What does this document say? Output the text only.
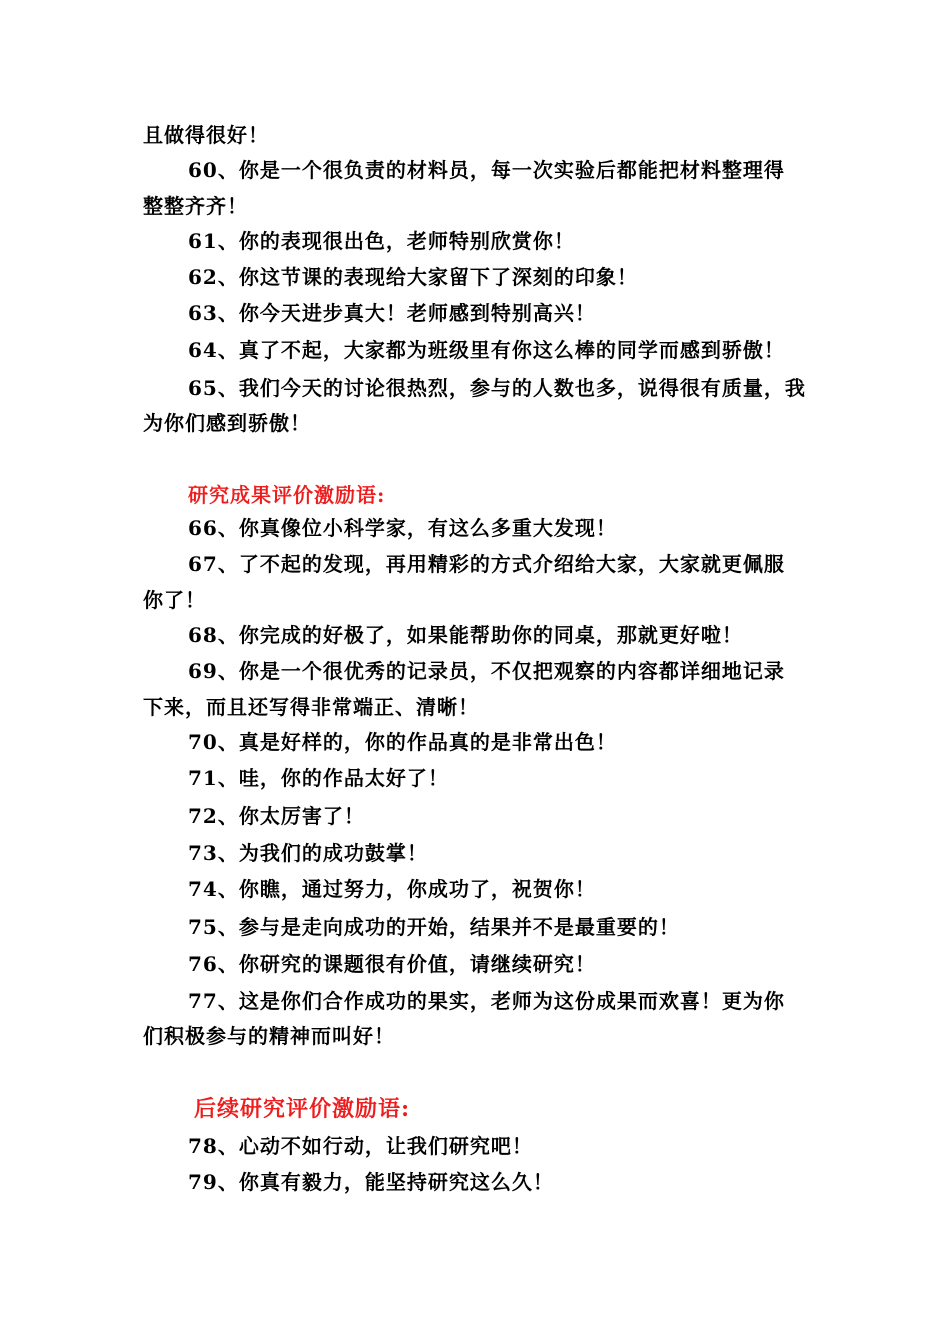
且做得很好！
60、你是一个很负责的材料员，每一次实验后都能把材料整理得
整整齐齐！
61、你的表现很出色，老师特别欣赏你！
62、你这节课的表现给大家留下了深刻的印象！
63、你今天进步真大！老师感到特别高兴！
64、真了不起，大家都为班级里有你这么棒的同学而感到骄傲！
65、我们今天的讨论很热烈，参与的人数也多，说得很有质量，我
为你们感到骄傲！
研究成果评价激励语:
66、你真像位小科学家，有这么多重大发现！
67、了不起的发现，再用精彩的方式介绍给大家，大家就更佩服
你了！
68、你完成的好极了，如果能帮助你的同桌，那就更好啦！
69、你是一个很优秀的记录员，不仅把观察的内容都详细地记录
下来，而且还写得非常端正、清晰！
70、真是好样的，你的作品真的是非常出色！
71、哇，你的作品太好了！
72、你太厉害了！
73、为我们的成功鼓掌！
74、你瞧，通过努力，你成功了，祝贺你！
75、参与是走向成功的开始，结果并不是最重要的！
76、你研究的课题很有价值，请继续研究！
77、这是你们合作成功的果实，老师为这份成果而欢喜！更为你
们积极参与的精神而叫好！
后续研究评价激励语:
78、心动不如行动，让我们研究吧！
79、你真有毅力，能坚持研究这么久！
